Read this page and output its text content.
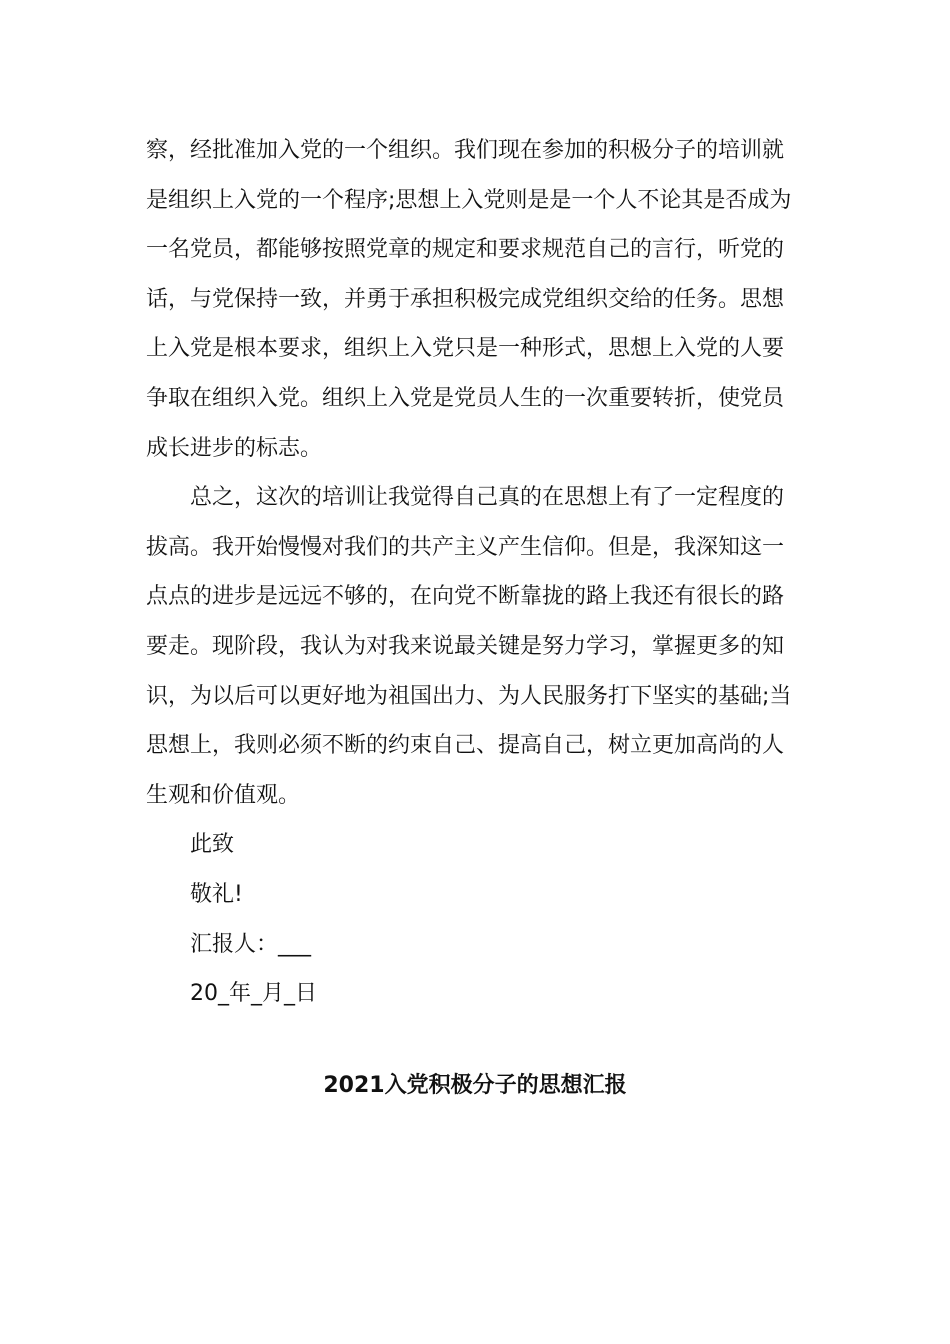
察，经批准加入党的一个组织。我们现在参加的积极分子的培训就
是组织上入党的一个程序;思想上入党则是是一个人不论其是否成为
一名党员，都能够按照党章的规定和要求规范自己的言行，听党的
话，与党保持一致，并勇于承担积极完成党组织交给的任务。思想
上入党是根本要求，组织上入党只是一种形式，思想上入党的人要
争取在组织入党。组织上入党是党员人生的一次重要转折，使党员
成长进步的标志。
总之，这次的培训让我觉得自己真的在思想上有了一定程度的
拔高。我开始慢慢对我们的共产主义产生信仰。但是，我深知这一
点点的进步是远远不够的，在向党不断靠拢的路上我还有很长的路
要走。现阶段，我认为对我来说最关键是努力学习，掌握更多的知
识，为以后可以更好地为祖国出力、为人民服务打下坚实的基础;当
思想上，我则必须不断的约束自己、提高自己，树立更加高尚的人
生观和价值观。
此致
敬礼!
汇报人：___
20_年_月_日
2021入党积极分子的思想汇报
